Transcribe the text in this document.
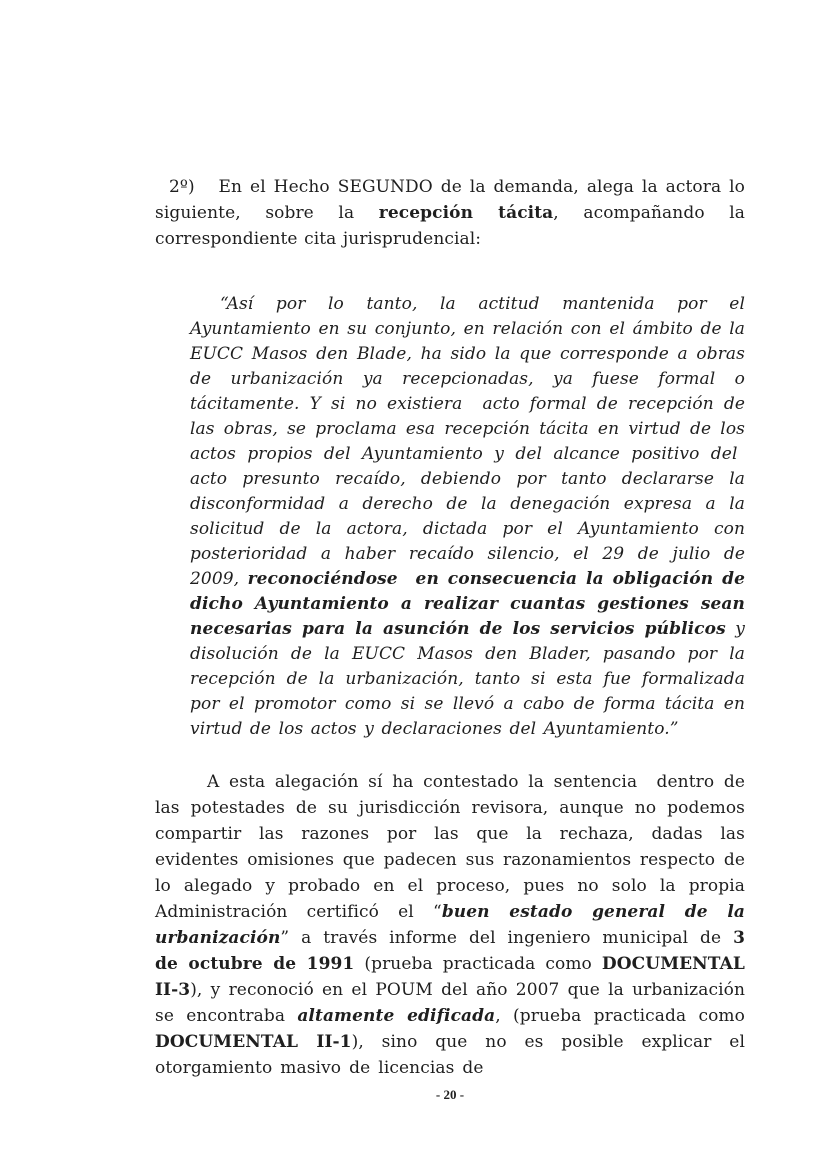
2º)   En el Hecho SEGUNDO de la demanda, alega la actora lo siguiente, sobre la recepción tácita, acompañando la correspondiente cita jurisprudencial:

“Así por lo tanto, la actitud mantenida por el Ayuntamiento en su conjunto, en relación con el ámbito de la EUCC Masos den Blade, ha sido la que corresponde a obras de urbanización ya recepcionadas, ya fuese formal o tácitamente. Y si no existiera  acto formal de recepción de las obras, se proclama esa recepción tácita en virtud de los actos propios del Ayuntamiento y del alcance positivo del  acto presunto recaído, debiendo por tanto declararse la disconformidad a derecho de la denegación expresa a la solicitud de la actora, dictada por el Ayuntamiento con posterioridad a haber recaído silencio, el 29 de julio de 2009, reconociéndose  en consecuencia la obligación de dicho Ayuntamiento a realizar cuantas gestiones sean necesarias para la asunción de los servicios públicos y disolución de la EUCC Masos den Blader, pasando por la recepción de la urbanización, tanto si esta fue formalizada por el promotor como si se llevó a cabo de forma tácita en virtud de los actos y declaraciones del Ayuntamiento.”

A esta alegación sí ha contestado la sentencia  dentro de las potestades de su jurisdicción revisora, aunque no podemos compartir las razones por las que la rechaza, dadas las evidentes omisiones que padecen sus razonamientos respecto de lo alegado y probado en el proceso, pues no solo la propia Administración certificó el “buen estado general de la urbanización” a través informe del ingeniero municipal de 3 de octubre de 1991 (prueba practicada como DOCUMENTAL II-3), y reconoció en el POUM del año 2007 que la urbanización se encontraba altamente edificada, (prueba practicada como DOCUMENTAL II-1), sino que no es posible explicar el otorgamiento masivo de licencias de

- 20 -
